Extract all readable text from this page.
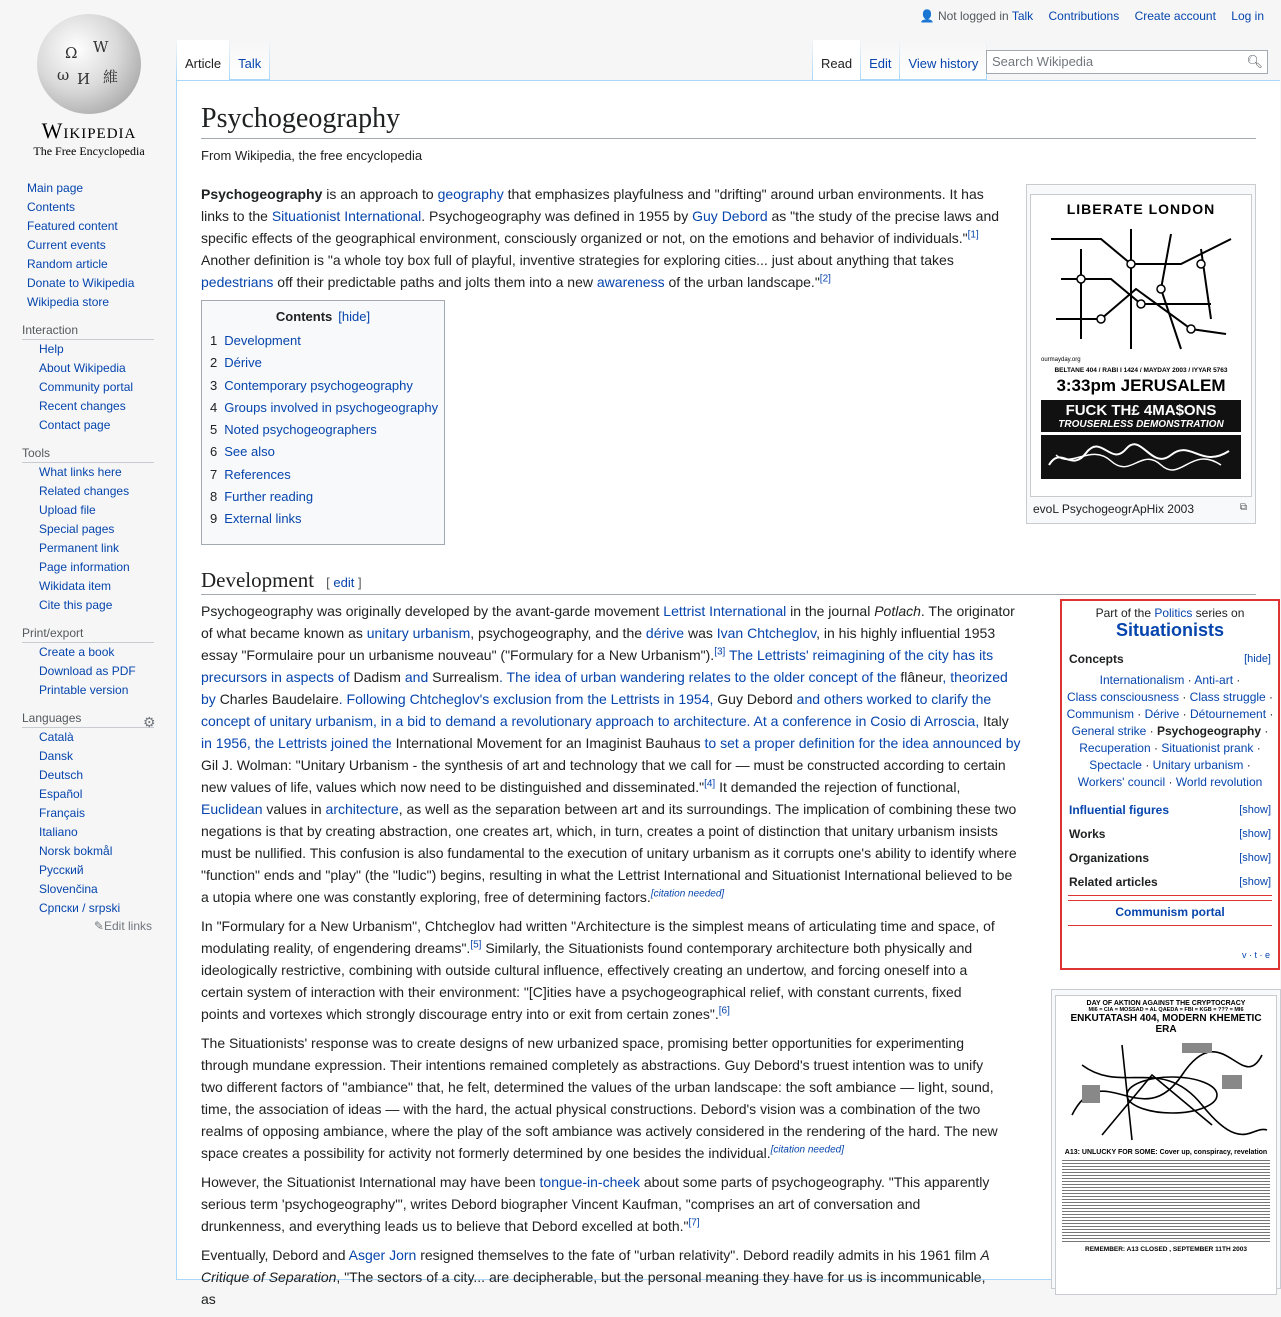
Ω W
И 維
ω
Wikipedia
The Free Encyclopedia
Main page
Contents
Featured content
Current events
Random article
Donate to Wikipedia
Wikipedia store
Interaction
Help
About Wikipedia
Community portal
Recent changes
Contact page
Tools
What links here
Related changes
Upload file
Special pages
Permanent link
Page information
Wikidata item
Cite this page
Print/export
Create a book
Download as PDF
Printable version
Languages	⚙
Català
Dansk
Deutsch
Español
Français
Italiano
Norsk bokmål
Русский
Slovenčina
Српски / srpski
✎Edit links
👤 Not logged in Talk Contributions Create account Log in
Article	Talk	Read	Edit	View history	Search Wikipedia	🔍︎
Psychogeography
From Wikipedia, the free encyclopedia

Psychogeography is an approach to geography that emphasizes playfulness and "drifting" around urban environments. It has links to the Situationist International. Psychogeography was defined in 1955 by Guy Debord as "the study of the precise laws and specific effects of the geographical environment, consciously organized or not, on the emotions and behavior of individuals."[1]

Another definition is "a whole toy box full of playful, inventive strategies for exploring cities... just about anything that takes pedestrians off their predictable paths and jolts them into a new awareness of the urban landscape."[2]

Contents [hide]
1 Development
2 Dérive
3 Contemporary psychogeography
4 Groups involved in psychogeography
5 Noted psychogeographers
6 See also
7 References
8 Further reading
9 External links
LIBERATE LONDON
ourmayday.org
BELTANE 404 / RABI I 1424 / MAYDAY 2003 / IYYAR 5763
3:33pm JERUSALEM
FUCK TH£ 4MA$ONS
TROUSERLESS DEMONSTRATION
evoL PsychogeogrApHix 2003	⧉
Development [ edit ]

Psychogeography was originally developed by the avant-garde movement Lettrist International in the journal Potlach. The originator of what became known as unitary urbanism, psychogeography, and the dérive was Ivan Chtcheglov, in his highly influential 1953 essay "Formulaire pour un urbanisme nouveau" ("Formulary for a New Urbanism").[3] The Lettrists' reimagining of the city has its precursors in aspects of Dadism and Surrealism. The idea of urban wandering relates to the older concept of the flâneur, theorized by Charles Baudelaire. Following Chtcheglov's exclusion from the Lettrists in 1954, Guy Debord and others worked to clarify the concept of unitary urbanism, in a bid to demand a revolutionary approach to architecture. At a conference in Cosio di Arroscia, Italy in 1956, the Lettrists joined the International Movement for an Imaginist Bauhaus to set a proper definition for the idea announced by Gil J. Wolman: "Unitary Urbanism - the synthesis of art and technology that we call for — must be constructed according to certain new values of life, values which now need to be distinguished and disseminated."[4] It demanded the rejection of functional, Euclidean values in architecture, as well as the separation between art and its surroundings. The implication of combining these two negations is that by creating abstraction, one creates art, which, in turn, creates a point of distinction that unitary urbanism insists must be nullified. This confusion is also fundamental to the execution of unitary urbanism as it corrupts one's ability to identify where "function" ends and "play" (the "ludic") begins, resulting in what the Lettrist International and Situationist International believed to be a utopia where one was constantly exploring, free of determining factors.[citation needed]

In "Formulary for a New Urbanism", Chtcheglov had written "Architecture is the simplest means of articulating time and space, of modulating reality, of engendering dreams".[5] Similarly, the Situationists found contemporary architecture both physically and ideologically restrictive, combining with outside cultural influence, effectively creating an undertow, and forcing oneself into a certain system of interaction with their environment: "[C]ities have a psychogeographical relief, with constant currents, fixed points and vortexes which strongly discourage entry into or exit from certain zones".[6]

The Situationists' response was to create designs of new urbanized space, promising better opportunities for experimenting through mundane expression. Their intentions remained completely as abstractions. Guy Debord's truest intention was to unify two different factors of "ambiance" that, he felt, determined the values of the urban landscape: the soft ambiance — light, sound, time, the association of ideas — with the hard, the actual physical constructions. Debord's vision was a combination of the two realms of opposing ambiance, where the play of the soft ambiance was actively considered in the rendering of the hard. The new space creates a possibility for activity not formerly determined by one besides the individual.[citation needed]

However, the Situationist International may have been tongue-in-cheek about some parts of psychogeography. "This apparently serious term 'psychogeography'", writes Debord biographer Vincent Kaufman, "comprises an art of conversation and drunkenness, and everything leads us to believe that Debord excelled at both."[7]

Eventually, Debord and Asger Jorn resigned themselves to the fate of "urban relativity". Debord readily admits in his 1961 film A Critique of Separation, "The sectors of a city... are decipherable, but the personal meaning they have for us is incommunicable, as

Part of the Politics series on
Situationists
Concepts	[hide]
Internationalism · Anti-art · Class consciousness · Class struggle · Communism · Dérive · Détournement · General strike · Psychogeography · Recuperation · Situationist prank · Spectacle · Unitary urbanism · Workers' council · World revolution
Influential figures	[show]
Works	[show]
Organizations	[show]
Related articles	[show]
Communism portal
v · t · e
DAY OF AKTION AGAINST THE CRYPTOCRACY
MI6 = CIA = MOSSAD = AL QAEDA = FBI = KGB = ??? = MI6
ENKUTATASH 404, MODERN KHEMETIC ERA
A13: UNLUCKY FOR SOME: Cover up, conspiracy, revelation
REMEMBER: A13 CLOSED , SEPTEMBER 11TH 2003
